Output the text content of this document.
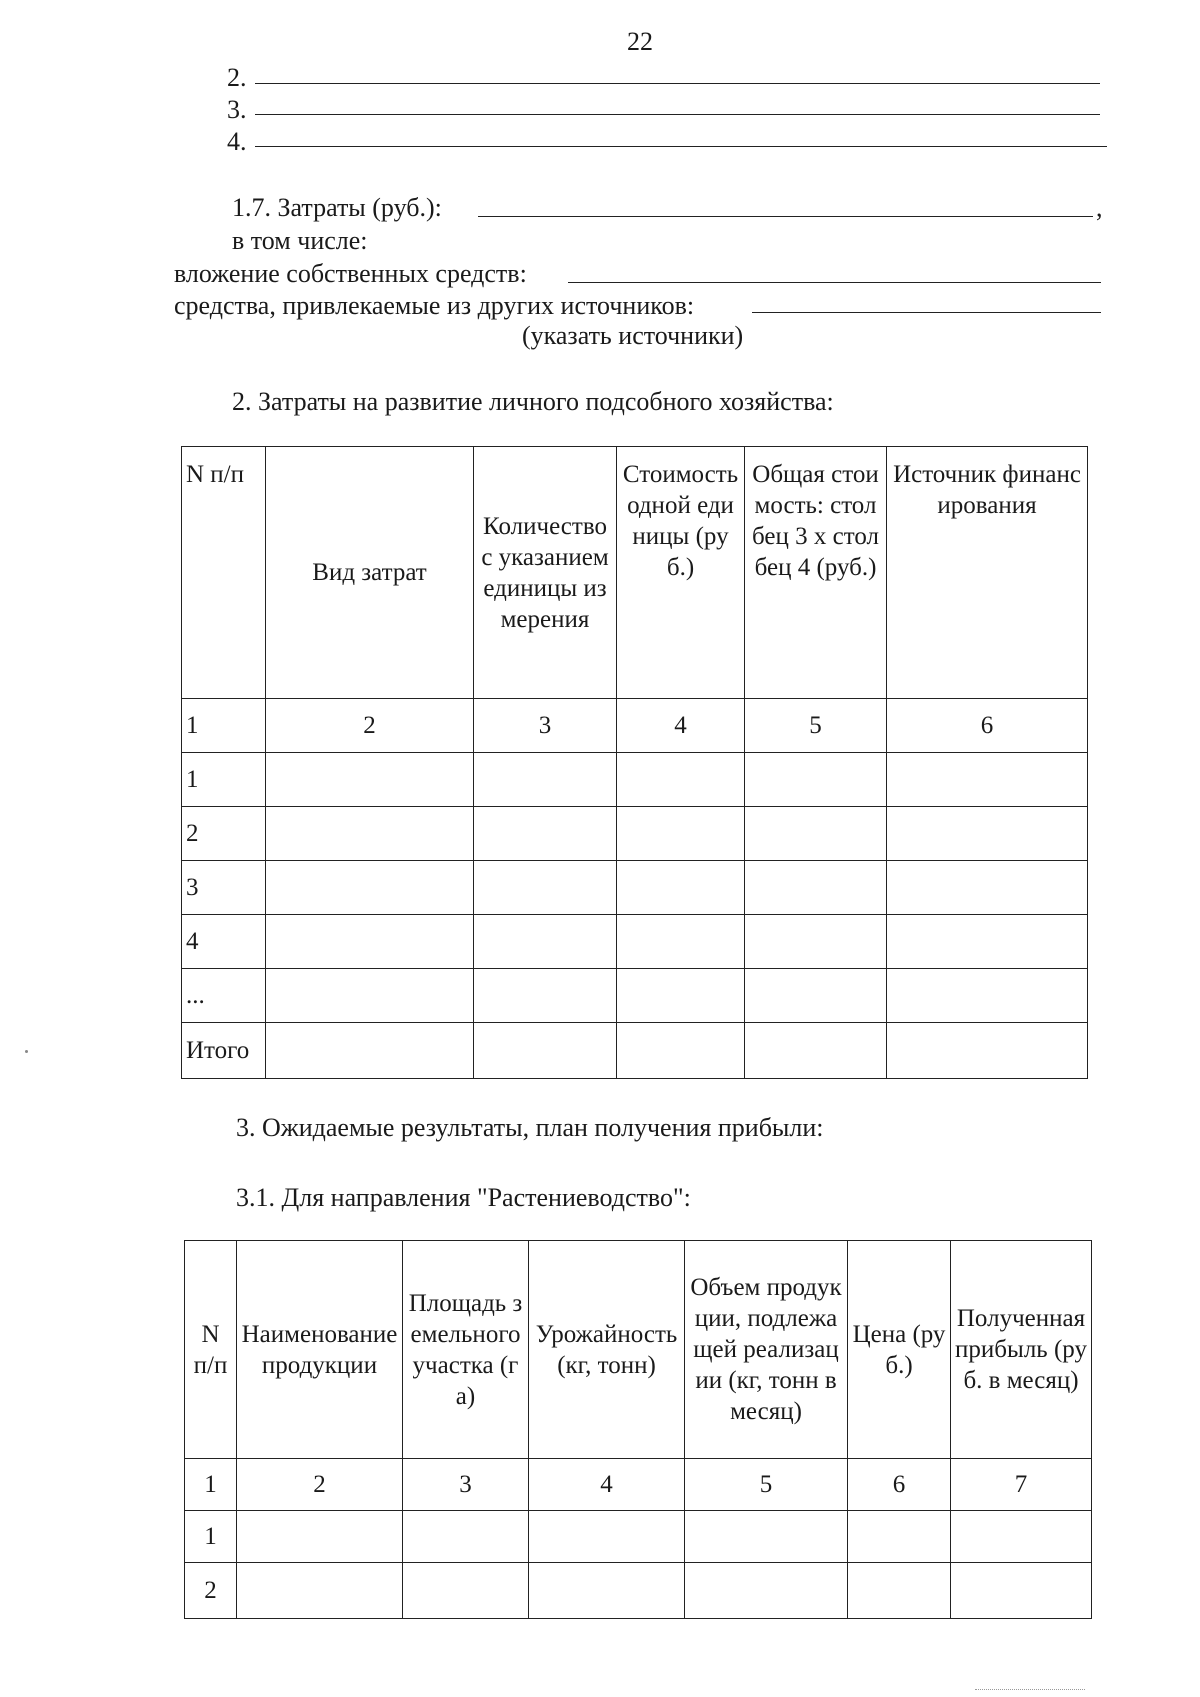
22
2.
3.
4.
1.7. Затраты (руб.):	,
в том числе:
вложение собственных средств:
средства, привлекаемые из других источников:
(указать источники)
2. Затраты на развитие личного подсобного хозяйства:
N п/п	Вид затрат	Количество с указанием единицы измерения	Стоимость одной единицы (руб.)	Общая стоимость: столбец 3 х столбец 4 (руб.)	Источник финансирования

1	2	3	4	5	6
1					
2					
3					
4					
...					
Итого					
3. Ожидаемые результаты, план получения прибыли:
3.1. Для направления "Растениеводство":
N п/п	Наименование продукции	Площадь земельного участка (га)	Урожайность (кг, тонн)	Объем продукции, подлежащей реализации (кг, тонн в месяц)	Цена (руб.)	Полученная прибыль (руб. в месяц)

1	2	3	4	5	6	7
1						
2						
